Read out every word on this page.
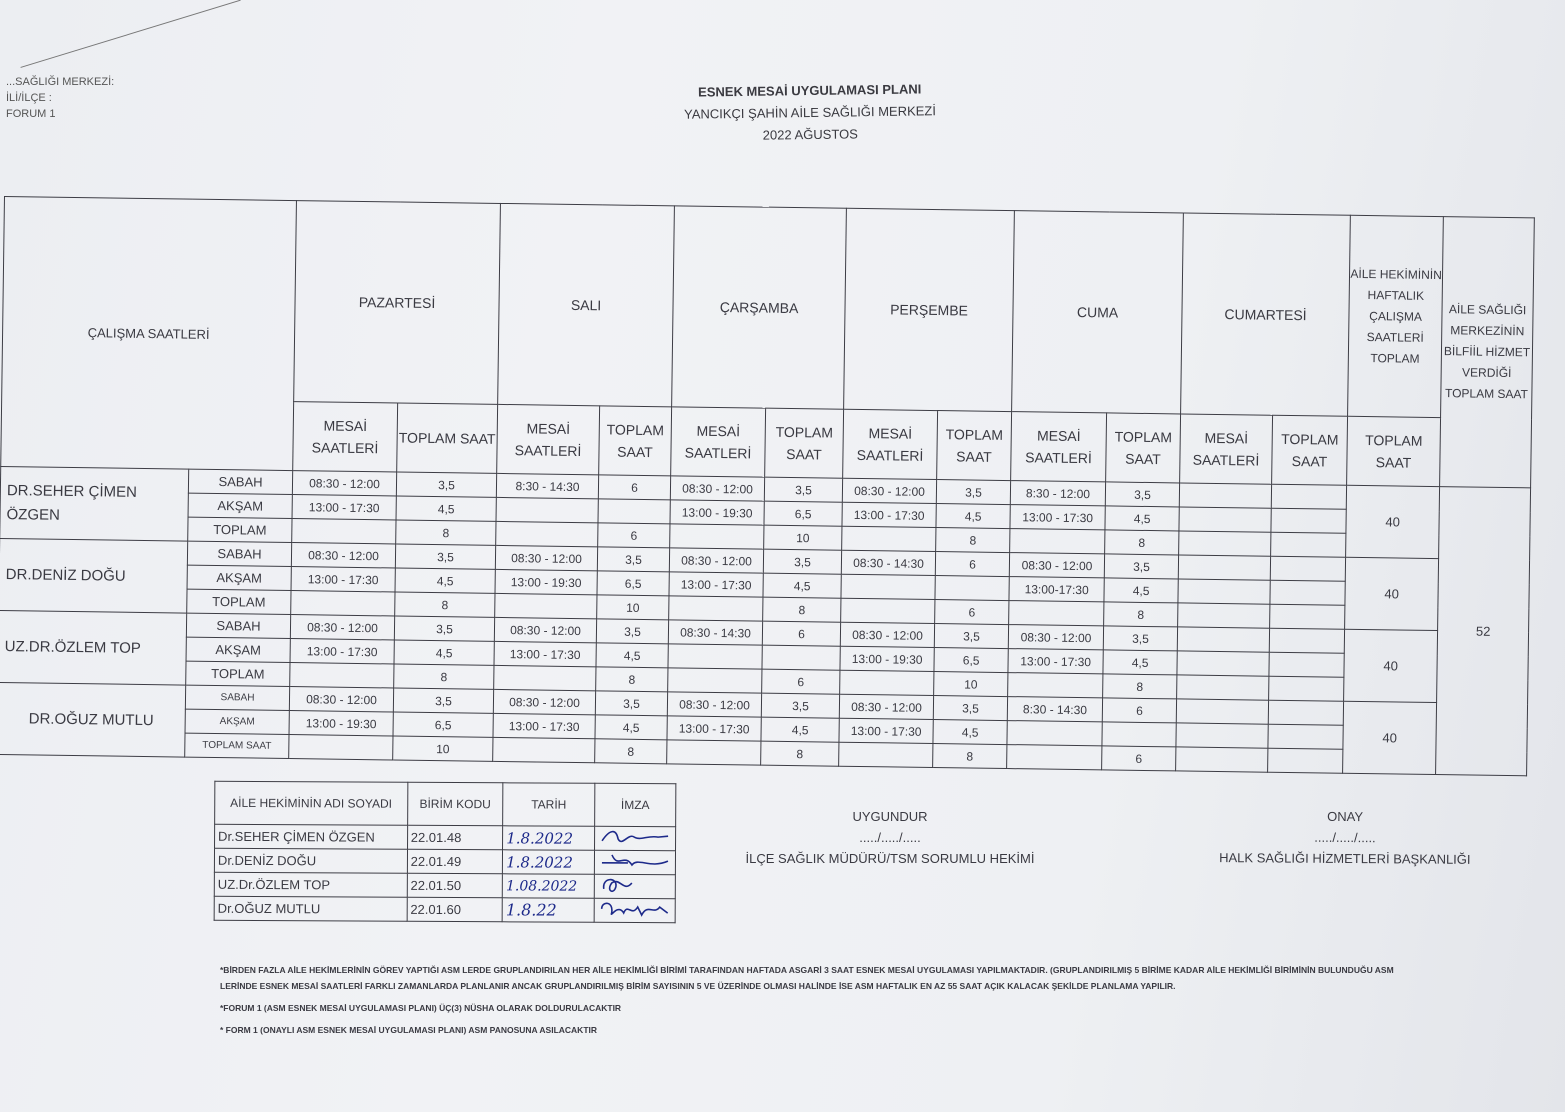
...SAĞLIĞI MERKEZİ:
İLİ/İLÇE :
FORUM 1
ESNEK MESAİ UYGULAMASI PLANI
YANCIKÇI ŞAHİN AİLE SAĞLIĞI MERKEZİ
2022 AĞUSTOS
ÇALIŞMA SAATLERİ		PAZARTESİ		SALI		ÇARŞAMBA		PERŞEMBE		CUMA		CUMARTESİ		AİLE HEKİMİNİN HAFTALIK ÇALIŞMA SAATLERİ TOPLAM	AİLE SAĞLIĞI MERKEZİNİN BİLFİİL HİZMET VERDİĞİ TOPLAM SAAT
		MESAİ SAATLERİ	TOPLAM SAAT	MESAİ SAATLERİ	TOPLAM SAAT	MESAİ SAATLERİ	TOPLAM SAAT	MESAİ SAATLERİ	TOPLAM SAAT	MESAİ SAATLERİ	TOPLAM SAAT	MESAİ SAATLERİ	TOPLAM SAAT	TOPLAM SAAT	
DR.SEHER ÇİMEN ÖZGEN	SABAH	08:30 - 12:00	3,5	8:30 - 14:30	6	08:30 - 12:00	3,5	08:30 - 12:00	3,5	8:30 - 12:00	3,5			40	52
	AKŞAM	13:00 - 17:30	4,5			13:00 - 19:30	6,5	13:00 - 17:30	4,5	13:00 - 17:30	4,5				
	TOPLAM		8		6		10		8		8				
DR.DENİZ DOĞU	SABAH	08:30 - 12:00	3,5	08:30 - 12:00	3,5	08:30 - 12:00	3,5	08:30 - 14:30	6	08:30 - 12:00	3,5			40	
	AKŞAM	13:00 - 17:30	4,5	13:00 - 19:30	6,5	13:00 - 17:30	4,5			13:00-17:30	4,5				
	TOPLAM		8		10		8		6		8				
UZ.DR.ÖZLEM TOP	SABAH	08:30 - 12:00	3,5	08:30 - 12:00	3,5	08:30 - 14:30	6	08:30 - 12:00	3,5	08:30 - 12:00	3,5			40	
	AKŞAM	13:00 - 17:30	4,5	13:00 - 17:30	4,5			13:00 - 19:30	6,5	13:00 - 17:30	4,5				
	TOPLAM		8		8		6		10		8				
DR.OĞUZ MUTLU	SABAH	08:30 - 12:00	3,5	08:30 - 12:00	3,5	08:30 - 12:00	3,5	08:30 - 12:00	3,5	8:30 - 14:30	6			40	
	AKŞAM	13:00 - 19:30	6,5	13:00 - 17:30	4,5	13:00 - 17:30	4,5	13:00 - 17:30	4,5						
	TOPLAM SAAT		10		8		8		8		6				
AİLE HEKİMİNİN ADI SOYADI	BİRİM KODU	TARİH	İMZA
Dr.SEHER ÇİMEN ÖZGEN	22.01.48	1.8.2022	
Dr.DENİZ DOĞU	22.01.49	1.8.2022	
UZ.Dr.ÖZLEM TOP	22.01.50	1.08.2022	
Dr.OĞUZ MUTLU	22.01.60	1.8.22	
UYGUNDUR
...../...../.....
İLÇE SAĞLIK MÜDÜRÜ/TSM SORUMLU HEKİMİ
ONAY
...../...../.....
HALK SAĞLIĞI HİZMETLERİ BAŞKANLIĞI

*BİRDEN FAZLA AİLE HEKİMLERİNİN GÖREV YAPTIĞI ASM LERDE GRUPLANDIRILAN HER AİLE HEKİMLİĞİ BİRİMİ TARAFINDAN HAFTADA ASGARİ 3 SAAT ESNEK MESAİ UYGULAMASI YAPILMAKTADIR. (GRUPLANDIRILMIŞ 5 BİRİME KADAR AİLE HEKİMLİĞİ BİRİMİNİN BULUNDUĞU ASM LERİNDE ESNEK MESAİ SAATLERİ FARKLI ZAMANLARDA PLANLANIR ANCAK GRUPLANDIRILMIŞ BİRİM SAYISININ 5 VE ÜZERİNDE OLMASI HALİNDE İSE ASM HAFTALIK EN AZ 55 SAAT AÇIK KALACAK ŞEKİLDE PLANLAMA YAPILIR.

*FORUM 1 (ASM ESNEK MESAİ UYGULAMASI PLANI) ÜÇ(3) NÜSHA OLARAK DOLDURULACAKTIR

* FORM 1 (ONAYLI ASM ESNEK MESAİ UYGULAMASI PLANI) ASM PANOSUNA ASILACAKTIR
